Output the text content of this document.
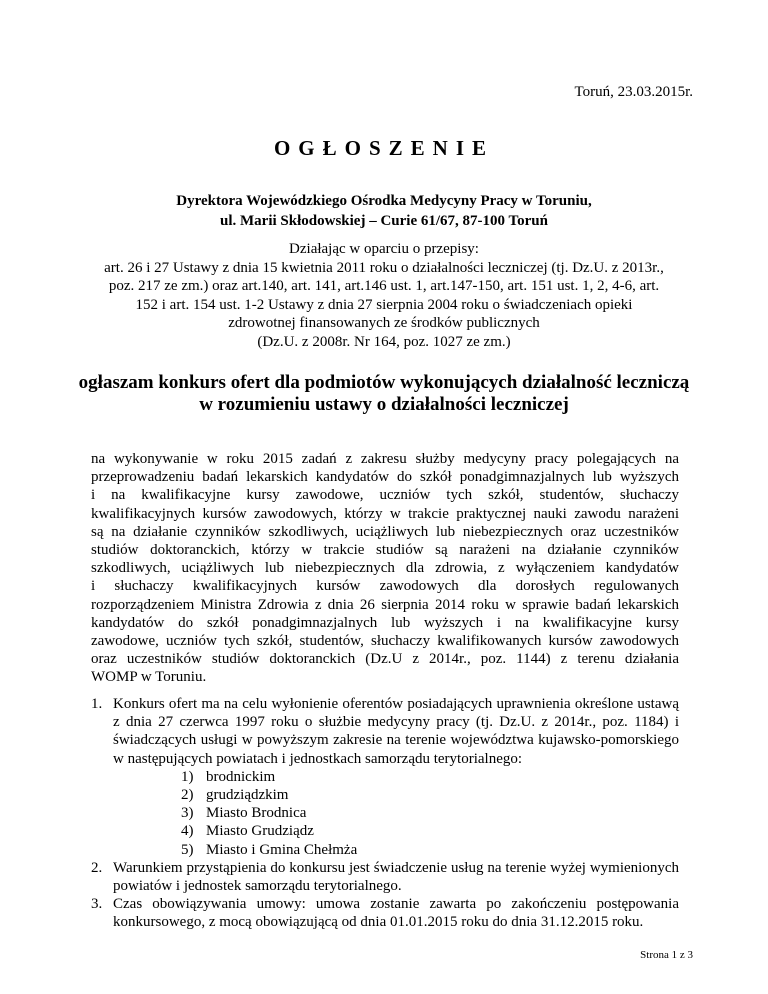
Toruń, 23.03.2015r.
OGŁOSZENIE
Dyrektora Wojewódzkiego Ośrodka Medycyny Pracy w Toruniu,
ul. Marii Skłodowskiej – Curie 61/67, 87-100 Toruń
Działając w oparciu o przepisy:
art. 26 i 27 Ustawy z dnia 15 kwietnia 2011 roku o działalności leczniczej (tj. Dz.U. z 2013r.,
poz. 217 ze zm.) oraz art.140, art. 141, art.146 ust. 1, art.147-150, art. 151 ust. 1, 2, 4-6, art.
152 i art. 154 ust. 1-2 Ustawy z dnia 27 sierpnia 2004 roku o świadczeniach opieki
zdrowotnej finansowanych ze środków publicznych
(Dz.U. z 2008r. Nr 164, poz. 1027 ze zm.)
ogłaszam konkurs ofert dla podmiotów wykonujących działalność leczniczą
w rozumieniu ustawy o działalności leczniczej
na wykonywanie w roku 2015 zadań z zakresu służby medycyny pracy polegających na
przeprowadzeniu badań lekarskich kandydatów do szkół ponadgimnazjalnych lub wyższych
i na kwalifikacyjne kursy zawodowe, uczniów tych szkół, studentów, słuchaczy
kwalifikacyjnych kursów zawodowych, którzy w trakcie praktycznej nauki zawodu narażeni
są na działanie czynników szkodliwych, uciążliwych lub niebezpiecznych oraz uczestników
studiów doktoranckich, którzy w trakcie studiów są narażeni na działanie czynników
szkodliwych, uciążliwych lub niebezpiecznych dla zdrowia, z wyłączeniem kandydatów
i słuchaczy kwalifikacyjnych kursów zawodowych dla dorosłych regulowanych
rozporządzeniem Ministra Zdrowia z dnia 26 sierpnia 2014 roku w sprawie badań lekarskich
kandydatów do szkół ponadgimnazjalnych lub wyższych i na kwalifikacyjne kursy
zawodowe, uczniów tych szkół, studentów, słuchaczy kwalifikowanych kursów zawodowych
oraz uczestników studiów doktoranckich (Dz.U z 2014r., poz. 1144) z terenu działania
WOMP w Toruniu.
1. Konkurs ofert ma na celu wyłonienie oferentów posiadających uprawnienia określone ustawą z dnia 27 czerwca 1997 roku o służbie medycyny pracy (tj. Dz.U. z 2014r., poz. 1184) i świadczących usługi w powyższym zakresie na terenie województwa kujawsko-pomorskiego w następujących powiatach i jednostkach samorządu terytorialnego:
1) brodnickim
2) grudziądzkim
3) Miasto Brodnica
4) Miasto Grudziądz
5) Miasto i Gmina Chełmża
2. Warunkiem przystąpienia do konkursu jest świadczenie usług na terenie wyżej wymienionych powiatów i jednostek samorządu terytorialnego.
3. Czas obowiązywania umowy: umowa zostanie zawarta po zakończeniu postępowania konkursowego, z mocą obowiązującą od dnia 01.01.2015 roku do dnia 31.12.2015 roku.
Strona 1 z 3
